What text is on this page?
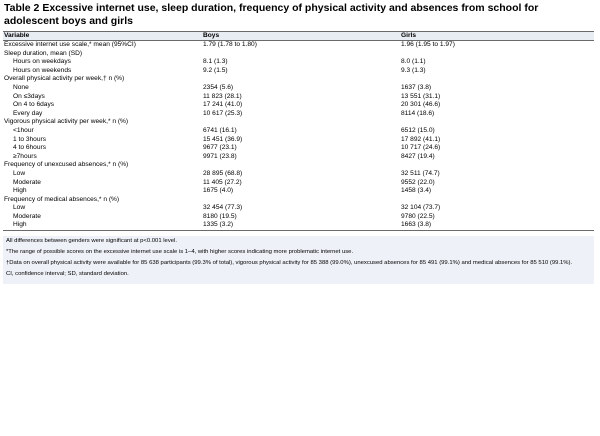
Table 2 Excessive internet use, sleep duration, frequency of physical activity and absences from school for adolescent boys and girls
Variable	Boys	Girls
Excessive internet use scale,* mean (95%CI)	1.79 (1.78 to 1.80)	1.96 (1.95 to 1.97)
Sleep duration, mean (SD)		
Hours on weekdays	8.1 (1.3)	8.0 (1.1)
Hours on weekends	9.2 (1.5)	9.3 (1.3)
Overall physical activity per week,† n (%)		
None	2354 (5.6)	1637 (3.8)
On ≤3days	11 823 (28.1)	13 551 (31.1)
On 4 to 6days	17 241 (41.0)	20 301 (46.6)
Every day	10 617 (25.3)	8114 (18.6)
Vigorous physical activity per week,* n (%)		
<1hour	6741 (16.1)	6512 (15.0)
1 to 3hours	15 451 (36.9)	17 892 (41.1)
4 to 6hours	9677 (23.1)	10 717 (24.6)
≥7hours	9971 (23.8)	8427 (19.4)
Frequency of unexcused absences,* n (%)		
Low	28 895 (68.8)	32 511 (74.7)
Moderate	11 405 (27.2)	9552 (22.0)
High	1675 (4.0)	1458 (3.4)
Frequency of medical absences,* n (%)		
Low	32 454 (77.3)	32 104 (73.7)
Moderate	8180 (19.5)	9780 (22.5)
High	1335 (3.2)	1663 (3.8)

All differences between genders were significant at p<0.001 level.

*The range of possible scores on the excessive internet use scale is 1–4, with higher scores indicating more problematic internet use.

†Data on overall physical activity were available for 85 638 participants (99.3% of total), vigorous physical activity for 85 388 (99.0%), unexcused absences for 85 491 (99.1%) and medical absences for 85 510 (99.1%).

CI, confidence interval; SD, standard deviation.
